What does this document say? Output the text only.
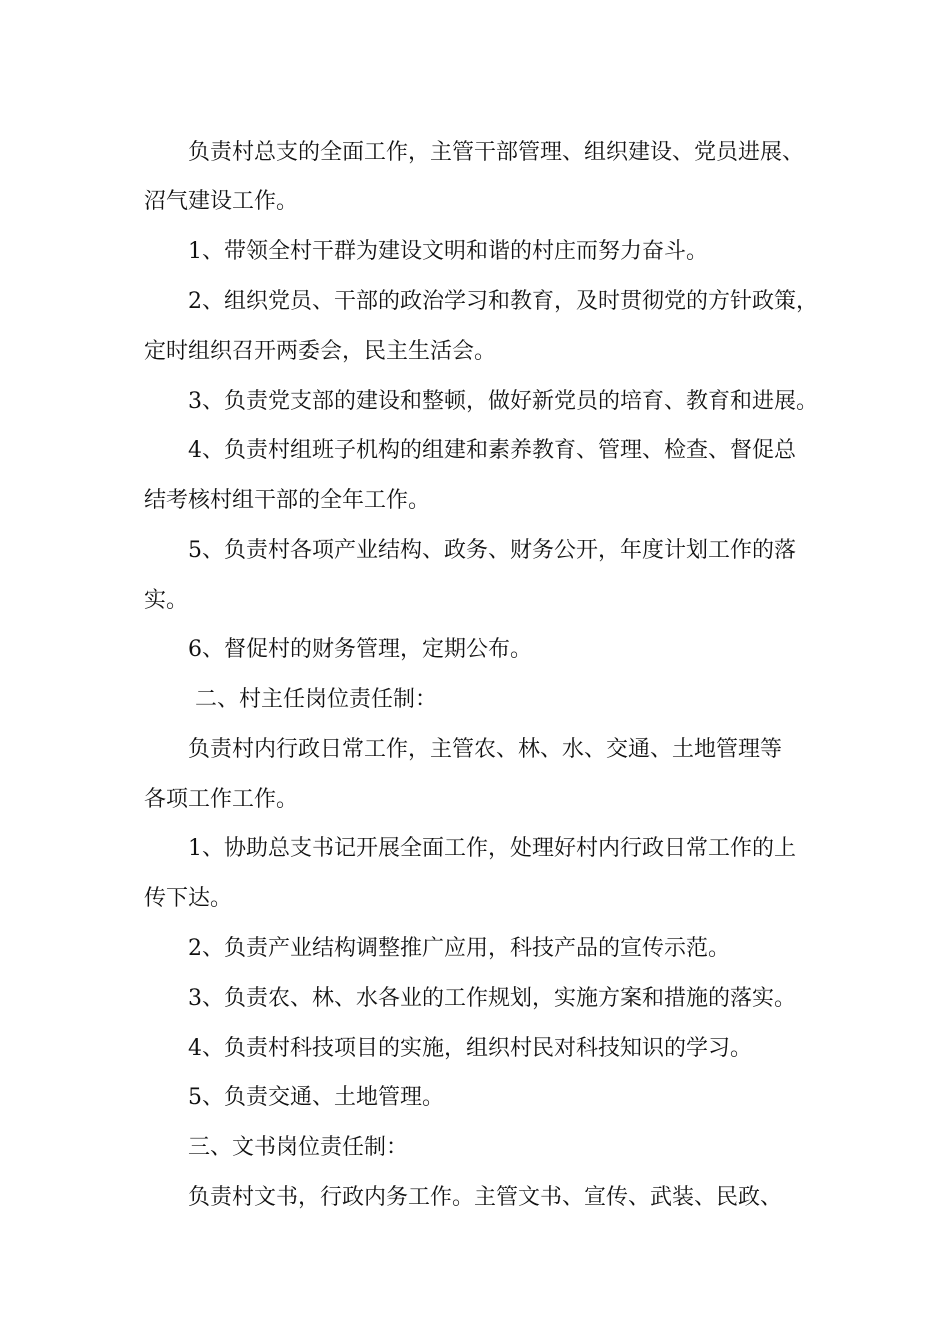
　　负责村总支的全面工作，主管干部管理、组织建设、党员进展、
沼气建设工作。
　　1、带领全村干群为建设文明和谐的村庄而努力奋斗。
　　2、组织党员、干部的政治学习和教育，及时贯彻党的方针政策，
定时组织召开两委会，民主生活会。
　　3、负责党支部的建设和整顿，做好新党员的培育、教育和进展。
　　4、负责村组班子机构的组建和素养教育、管理、检查、督促总
结考核村组干部的全年工作。
　　5、负责村各项产业结构、政务、财务公开，年度计划工作的落
实。
　　6、督促村的财务管理，定期公布。
　　 二、村主任岗位责任制：
　　负责村内行政日常工作，主管农、林、水、交通、土地管理等
各项工作工作。
　　1、协助总支书记开展全面工作，处理好村内行政日常工作的上
传下达。
　　2、负责产业结构调整推广应用，科技产品的宣传示范。
　　3、负责农、林、水各业的工作规划，实施方案和措施的落实。
　　4、负责村科技项目的实施，组织村民对科技知识的学习。
　　5、负责交通、土地管理。
　　三、文书岗位责任制：
　　负责村文书，行政内务工作。主管文书、宣传、武装、民政、
